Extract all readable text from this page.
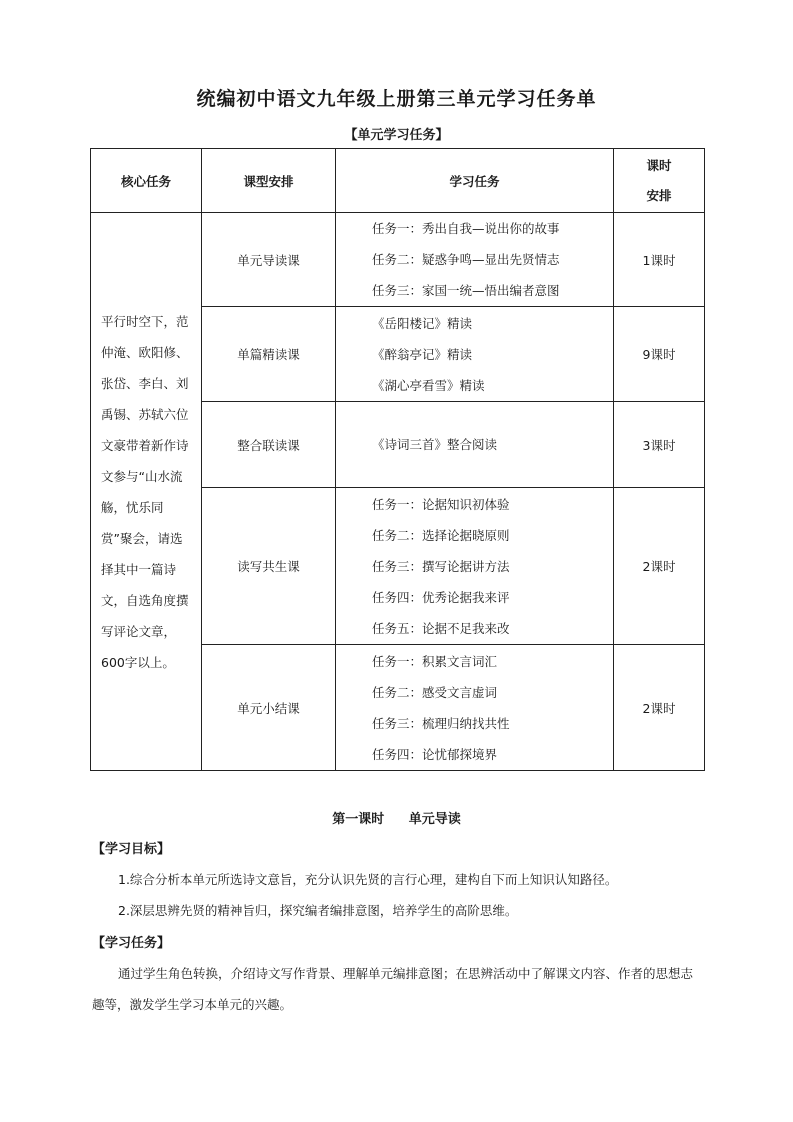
统编初中语文九年级上册第三单元学习任务单
【单元学习任务】
核心任务	课型安排	学习任务	课时
安排

平行时空下，范仲淹、欧阳修、张岱、李白、刘禹锡、苏轼六位文豪带着新作诗文参与“山水流觞，忧乐同赏”聚会，请选择其中一篇诗文，自选角度撰写评论文章，600字以上。	单元导读课	任务一：秀出自我—说出你的故事
任务二：疑惑争鸣—显出先贤情志
任务三：家国一统—悟出编者意图	1课时
	单篇精读课	《岳阳楼记》精读
《醉翁亭记》精读
《湖心亭看雪》精读	9课时
	整合联读课	《诗词三首》整合阅读	3课时
	读写共生课	任务一：论据知识初体验
任务二：选择论据晓原则
任务三：撰写论据讲方法
任务四：优秀论据我来评
任务五：论据不足我来改	2课时
	单元小结课	任务一：积累文言词汇
任务二：感受文言虚词
任务三：梳理归纳找共性
任务四：论忧郁探境界	2课时
第一课时 单元导读
【学习目标】
1.综合分析本单元所选诗文意旨，充分认识先贤的言行心理，建构自下而上知识认知路径。
2.深层思辨先贤的精神旨归，探究编者编排意图，培养学生的高阶思维。
【学习任务】
通过学生角色转换，介绍诗文写作背景、理解单元编排意图；在思辨活动中了解课文内容、作者的思想志趣等，激发学生学习本单元的兴趣。
